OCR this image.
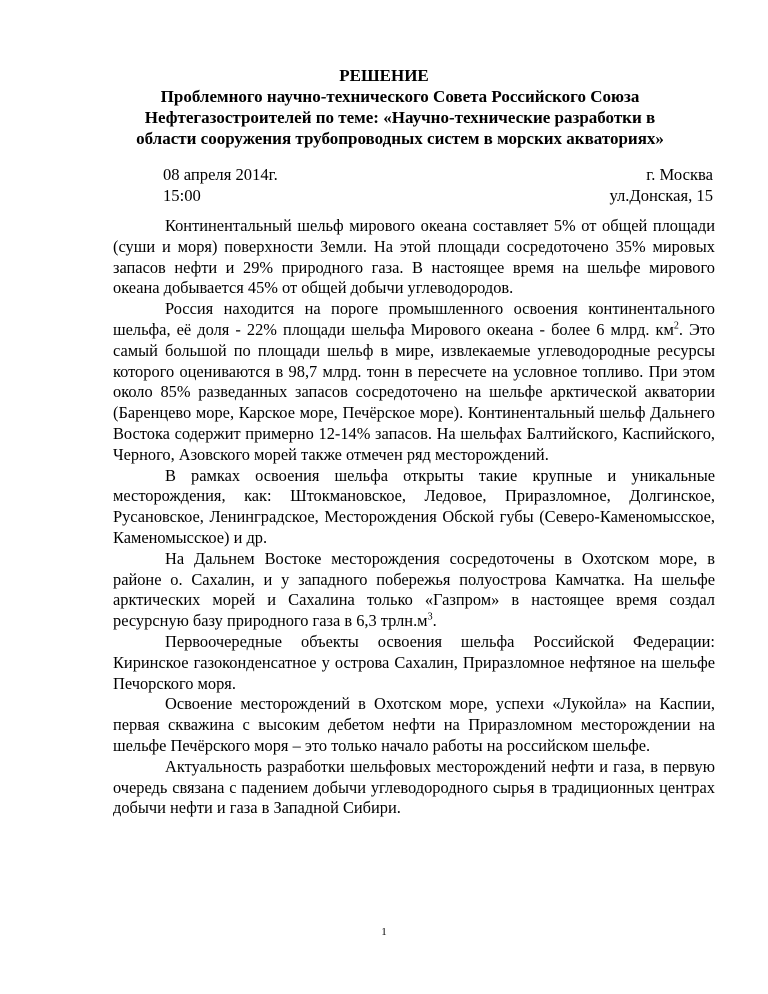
РЕШЕНИЕ
Проблемного научно-технического Совета Российского Союза
Нефтегазостроителей по теме: «Научно-технические разработки в
области сооружения трубопроводных систем в морских акваториях»
08 апреля 2014г.	г. Москва
15:00	ул.Донская, 15

Континентальный шельф мирового океана составляет 5% от общей площади (суши и моря) поверхности Земли. На этой площади сосредоточено 35% мировых запасов нефти и 29% природного газа. В настоящее время на шельфе мирового океана добывается 45% от общей добычи углеводородов.

Россия находится на пороге промышленного освоения континентального шельфа, её доля - 22% площади шельфа Мирового океана - более 6 млрд. $км^2$. Это самый большой по площади шельф в мире, извлекаемые углеводородные ресурсы которого оцениваются в 98,7 млрд. тонн в пересчете на условное топливо. При этом около 85% разведанных запасов сосредоточено на шельфе арктической акватории (Баренцево море, Карское море, Печёрское море). Континентальный шельф Дальнего Востока содержит примерно 12-14% запасов. На шельфах Балтийского, Каспийского, Черного, Азовского морей также отмечен ряд месторождений.

В рамках освоения шельфа открыты такие крупные и уникальные месторождения, как: Штокмановское, Ледовое, Приразломное, Долгинское, Русановское, Ленинградское, Месторождения Обской губы (Северо-Каменомысское, Каменомысское) и др.

На Дальнем Востоке месторождения сосредоточены в Охотском море, в районе о. Сахалин, и у западного побережья полуострова Камчатка. На шельфе арктических морей и Сахалина только «Газпром» в настоящее время создал ресурсную базу природного газа в 6,3 $трлн.м^3$.

Первоочередные объекты освоения шельфа Российской Федерации: Киринское газоконденсатное у острова Сахалин, Приразломное нефтяное на шельфе Печорского моря.

Освоение месторождений в Охотском море, успехи «Лукойла» на Каспии, первая скважина с высоким дебетом нефти на Приразломном месторождении на шельфе Печёрского моря – это только начало работы на российском шельфе.

Актуальность разработки шельфовых месторождений нефти и газа, в первую очередь связана с падением добычи углеводородного сырья в традиционных центрах добычи нефти и газа в Западной Сибири.

1
